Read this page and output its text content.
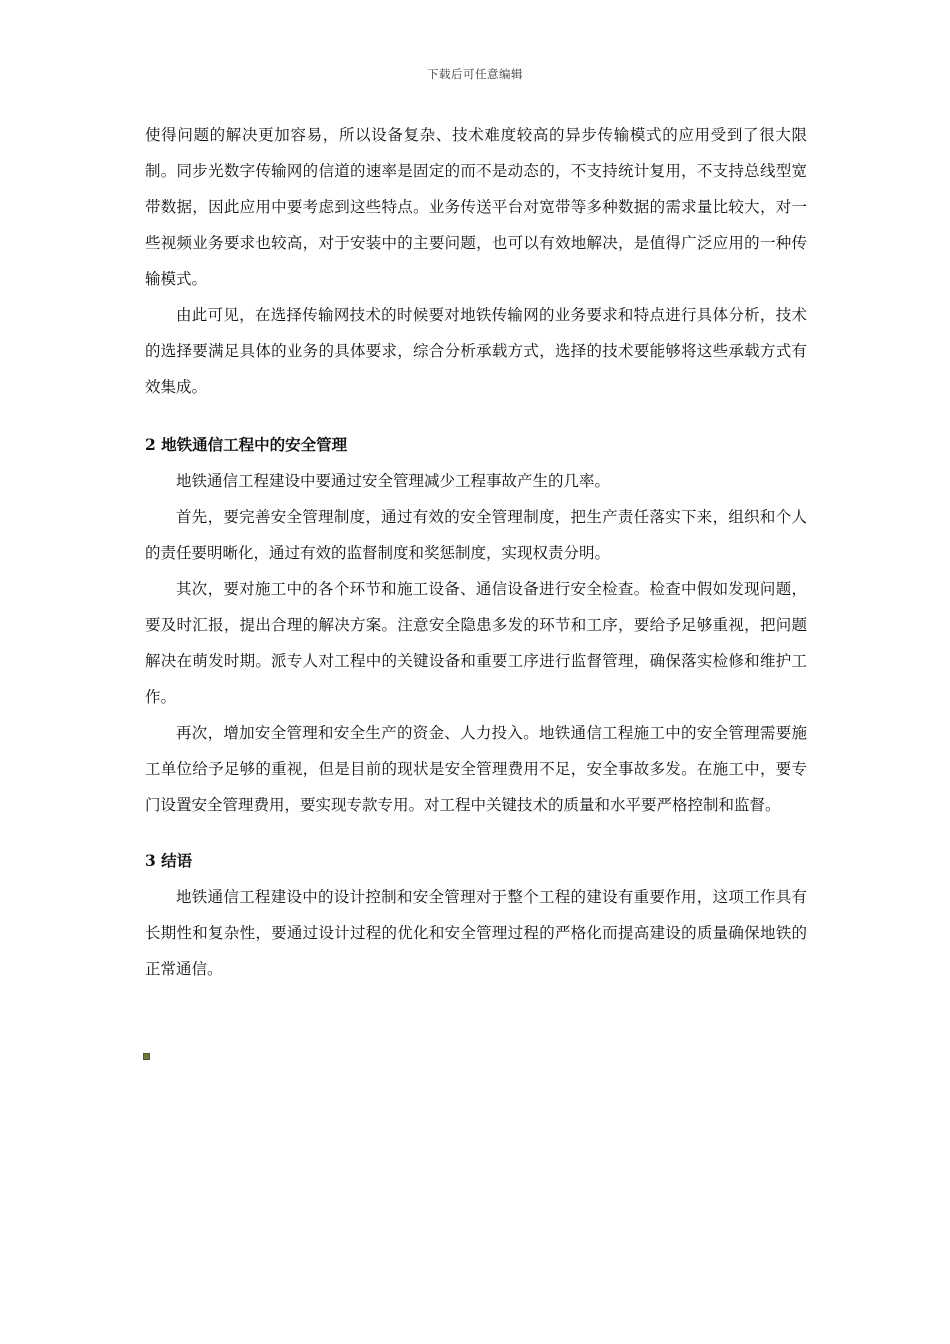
下载后可任意编辑

使得问题的解决更加容易，所以设备复杂、技术难度较高的异步传输模式的应用受到了很大限制。同步光数字传输网的信道的速率是固定的而不是动态的，不支持统计复用，不支持总线型宽带数据，因此应用中要考虑到这些特点。业务传送平台对宽带等多种数据的需求量比较大，对一些视频业务要求也较高，对于安装中的主要问题，也可以有效地解决，是值得广泛应用的一种传输模式。

由此可见，在选择传输网技术的时候要对地铁传输网的业务要求和特点进行具体分析，技术的选择要满足具体的业务的具体要求，综合分析承载方式，选择的技术要能够将这些承载方式有效集成。

2 地铁通信工程中的安全管理

地铁通信工程建设中要通过安全管理减少工程事故产生的几率。

首先，要完善安全管理制度，通过有效的安全管理制度，把生产责任落实下来，组织和个人的责任要明晰化，通过有效的监督制度和奖惩制度，实现权责分明。

其次，要对施工中的各个环节和施工设备、通信设备进行安全检查。检查中假如发现问题，要及时汇报，提出合理的解决方案。注意安全隐患多发的环节和工序，要给予足够重视，把问题解决在萌发时期。派专人对工程中的关键设备和重要工序进行监督管理，确保落实检修和维护工作。

再次，增加安全管理和安全生产的资金、人力投入。地铁通信工程施工中的安全管理需要施工单位给予足够的重视，但是目前的现状是安全管理费用不足，安全事故多发。在施工中，要专门设置安全管理费用，要实现专款专用。对工程中关键技术的质量和水平要严格控制和监督。

3 结语

地铁通信工程建设中的设计控制和安全管理对于整个工程的建设有重要作用，这项工作具有长期性和复杂性，要通过设计过程的优化和安全管理过程的严格化而提高建设的质量确保地铁的正常通信。
